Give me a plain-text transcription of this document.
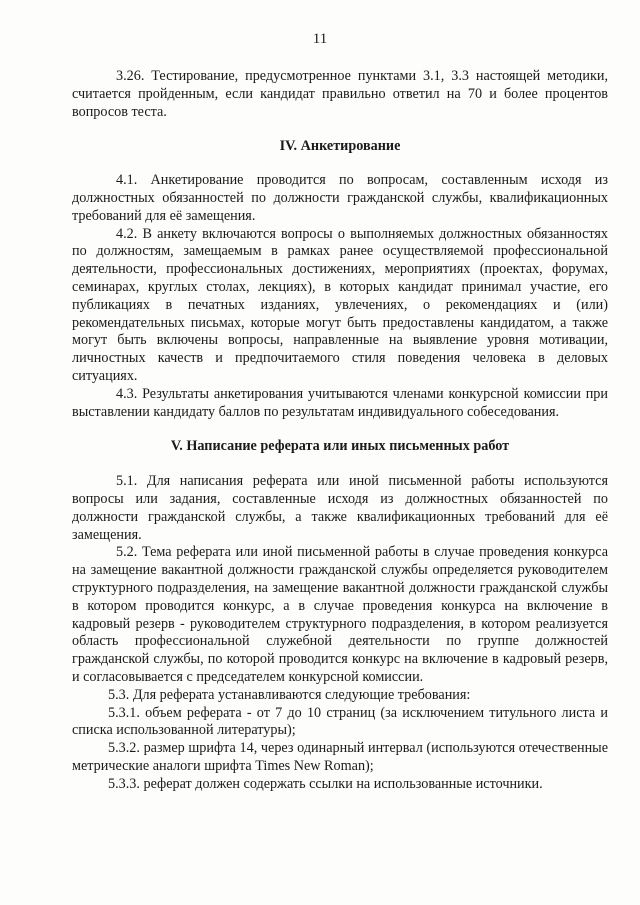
11

3.26. Тестирование, предусмотренное пунктами 3.1, 3.3 настоящей методики, считается пройденным, если кандидат правильно ответил на 70 и более процентов вопросов теста.

IV. Анкетирование

4.1. Анкетирование проводится по вопросам, составленным исходя из должностных обязанностей по должности гражданской службы, квалификационных требований для её замещения.

4.2. В анкету включаются вопросы о выполняемых должностных обязанностях по должностям, замещаемым в рамках ранее осуществляемой профессиональной деятельности, профессиональных достижениях, мероприятиях (проектах, форумах, семинарах, круглых столах, лекциях), в которых кандидат принимал участие, его публикациях в печатных изданиях, увлечениях, о рекомендациях и (или) рекомендательных письмах, которые могут быть предоставлены кандидатом, а также могут быть включены вопросы, направленные на выявление уровня мотивации, личностных качеств и предпочитаемого стиля поведения человека в деловых ситуациях.

4.3. Результаты анкетирования учитываются членами конкурсной комиссии при выставлении кандидату баллов по результатам индивидуального собеседования.

V. Написание реферата или иных письменных работ

5.1. Для написания реферата или иной письменной работы используются вопросы или задания, составленные исходя из должностных обязанностей по должности гражданской службы, а также квалификационных требований для её замещения.

5.2. Тема реферата или иной письменной работы в случае проведения конкурса на замещение вакантной должности гражданской службы определяется руководителем структурного подразделения, на замещение вакантной должности гражданской службы в котором проводится конкурс, а в случае проведения конкурса на включение в кадровый резерв - руководителем структурного подразделения, в котором реализуется область профессиональной служебной деятельности по группе должностей гражданской службы, по которой проводится конкурс на включение в кадровый резерв, и согласовывается с председателем конкурсной комиссии.

5.3. Для реферата устанавливаются следующие требования:

5.3.1. объем реферата - от 7 до 10 страниц (за исключением титульного листа и списка использованной литературы);

5.3.2. размер шрифта 14, через одинарный интервал (используются отечественные метрические аналоги шрифта Times New Roman);

5.3.3. реферат должен содержать ссылки на использованные источники.
